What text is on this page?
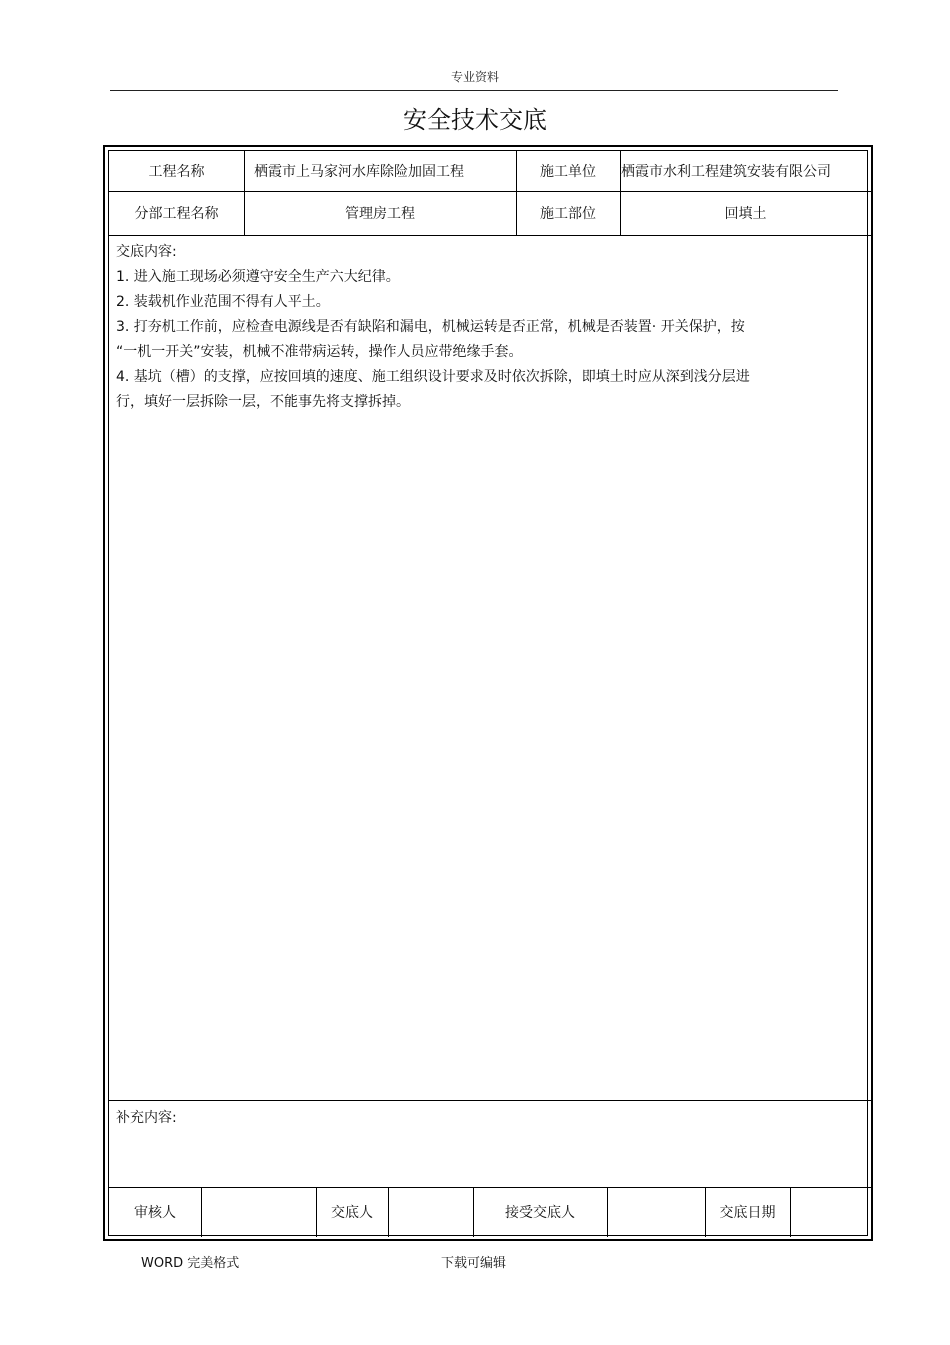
专业资料
安全技术交底
工程名称	栖霞市上马家河水库除险加固工程	施工单位	栖霞市水利工程建筑安装有限公司
分部工程名称	管理房工程	施工部位	回填土

交底内容:

1. 进入施工现场必须遵守安全生产六大纪律。

2. 装载机作业范围不得有人平土。

3. 打夯机工作前，应检查电源线是否有缺陷和漏电，机械运转是否正常，机械是否装置· 开关保护，按

“一机一开关”安装，机械不准带病运转，操作人员应带绝缘手套。

4. 基坑（槽）的支撑，应按回填的速度、施工组织设计要求及时依次拆除，即填土时应从深到浅分层进

行，填好一层拆除一层，不能事先将支撑拆掉。

补充内容:
审核人	交底人	接受交底人	交底日期
WORD 完美格式	下载可编辑
